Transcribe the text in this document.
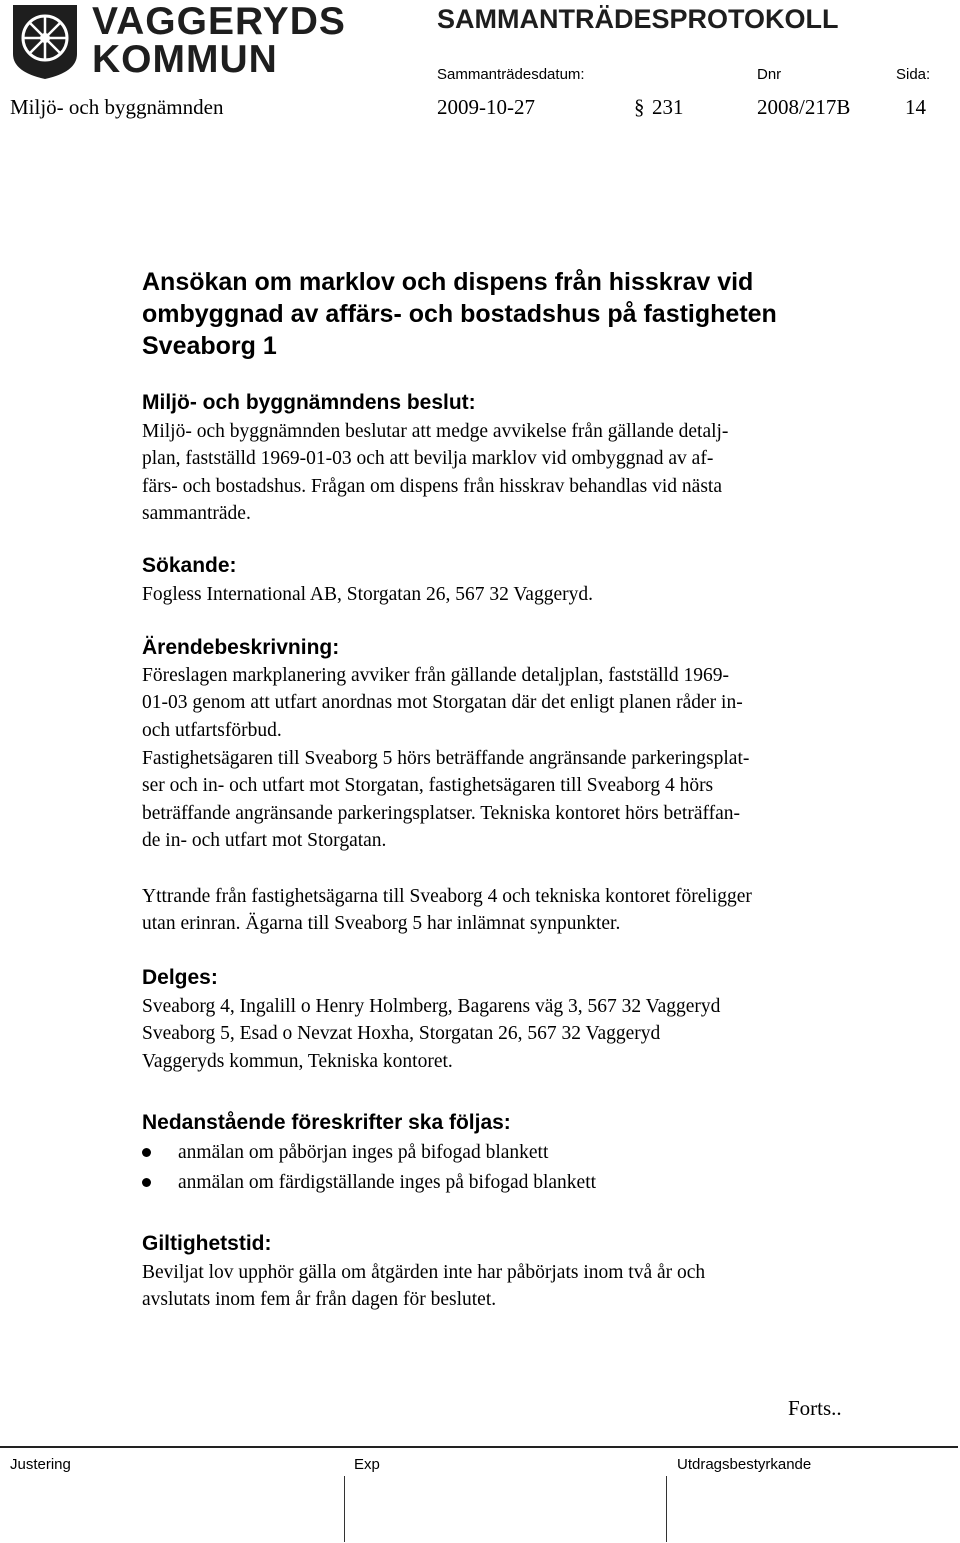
VAGGERYDS
KOMMUN
SAMMANTRÄDESPROTOKOLL
Sammanträdesdatum:	Dnr	Sida:
Miljö- och byggnämnden	2009-10-27	§ 231	2008/217B	14
Ansökan om marklov och dispens från hisskrav vid
ombyggnad av affärs- och bostadshus på fastigheten
Sveaborg 1
Miljö- och byggnämndens beslut:
Miljö- och byggnämnden beslutar att medge avvikelse från gällande detalj-
plan, fastställd 1969-01-03 och att bevilja marklov vid ombyggnad av af-
färs- och bostadshus. Frågan om dispens från hisskrav behandlas vid nästa
sammanträde.
Sökande:
Fogless International AB, Storgatan 26, 567 32 Vaggeryd.
Ärendebeskrivning:
Föreslagen markplanering avviker från gällande detaljplan, fastställd 1969-
01-03 genom att utfart anordnas mot Storgatan där det enligt planen råder in-
och utfartsförbud.
Fastighetsägaren till Sveaborg 5 hörs beträffande angränsande parkeringsplat-
ser och in- och utfart mot Storgatan, fastighetsägaren till Sveaborg 4 hörs
beträffande angränsande parkeringsplatser. Tekniska kontoret hörs beträffan-
de in- och utfart mot Storgatan.
Yttrande från fastighetsägarna till Sveaborg 4 och tekniska kontoret föreligger
utan erinran. Ägarna till Sveaborg 5 har inlämnat synpunkter.
Delges:
Sveaborg 4, Ingalill o Henry Holmberg, Bagarens väg 3, 567 32 Vaggeryd
Sveaborg 5, Esad o Nevzat Hoxha, Storgatan 26, 567 32 Vaggeryd
Vaggeryds kommun, Tekniska kontoret.
Nedanstående föreskrifter ska följas:
anmälan om påbörjan inges på bifogad blankett
anmälan om färdigställande inges på bifogad blankett
Giltighetstid:
Beviljat lov upphör gälla om åtgärden inte har påbörjats inom två år och
avslutats inom fem år från dagen för beslutet.
Forts..
Justering	Exp	Utdragsbestyrkande
